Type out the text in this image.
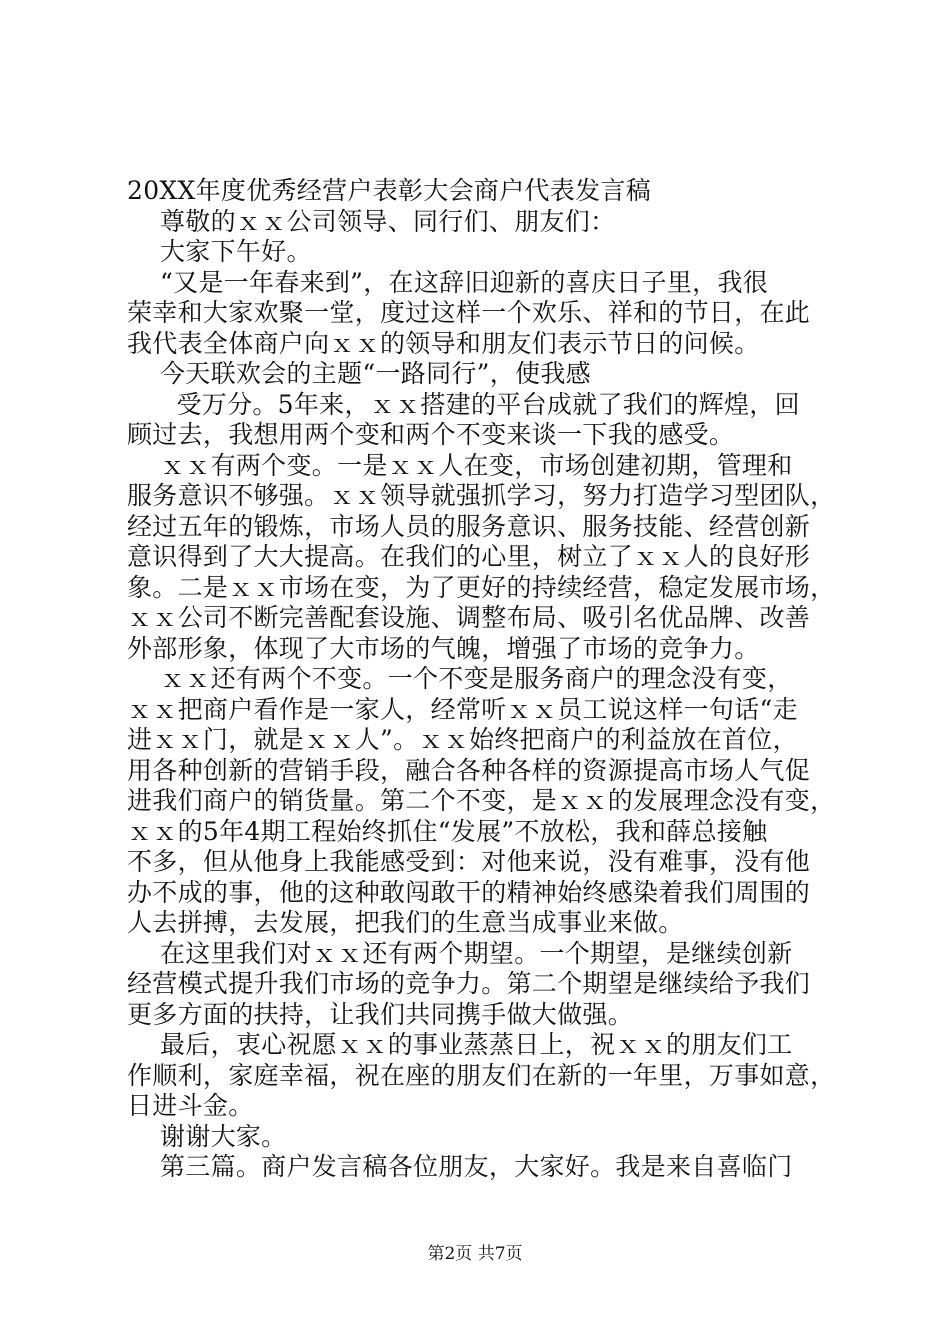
20XX年度优秀经营户表彰大会商户代表发言稿
尊敬的ｘｘ公司领导、同行们、朋友们：
大家下午好。
“又是一年春来到”，在这辞旧迎新的喜庆日子里，我很
荣幸和大家欢聚一堂，度过这样一个欢乐、祥和的节日，在此
我代表全体商户向ｘｘ的领导和朋友们表示节日的问候。
今天联欢会的主题“一路同行”，使我感
受万分。5年来，ｘｘ搭建的平台成就了我们的辉煌，回
顾过去，我想用两个变和两个不变来谈一下我的感受。
ｘｘ有两个变。一是ｘｘ人在变，市场创建初期，管理和
服务意识不够强。ｘｘ领导就强抓学习，努力打造学习型团队，
经过五年的锻炼，市场人员的服务意识、服务技能、经营创新
意识得到了大大提高。在我们的心里，树立了ｘｘ人的良好形
象。二是ｘｘ市场在变，为了更好的持续经营，稳定发展市场，
ｘｘ公司不断完善配套设施、调整布局、吸引名优品牌、改善
外部形象，体现了大市场的气魄，增强了市场的竞争力。
ｘｘ还有两个不变。一个不变是服务商户的理念没有变，
ｘｘ把商户看作是一家人，经常听ｘｘ员工说这样一句话“走
进ｘｘ门，就是ｘｘ人”。ｘｘ始终把商户的利益放在首位，
用各种创新的营销手段，融合各种各样的资源提高市场人气促
进我们商户的销货量。第二个不变，是ｘｘ的发展理念没有变，
ｘｘ的5年4期工程始终抓住“发展”不放松，我和薛总接触
不多，但从他身上我能感受到：对他来说，没有难事，没有他
办不成的事，他的这种敢闯敢干的精神始终感染着我们周围的
人去拼搏，去发展，把我们的生意当成事业来做。
在这里我们对ｘｘ还有两个期望。一个期望，是继续创新
经营模式提升我们市场的竞争力。第二个期望是继续给予我们
更多方面的扶持，让我们共同携手做大做强。
最后，衷心祝愿ｘｘ的事业蒸蒸日上，祝ｘｘ的朋友们工
作顺利，家庭幸福，祝在座的朋友们在新的一年里，万事如意，
日进斗金。
谢谢大家。
第三篇。商户发言稿各位朋友，大家好。我是来自喜临门
第2页 共7页
